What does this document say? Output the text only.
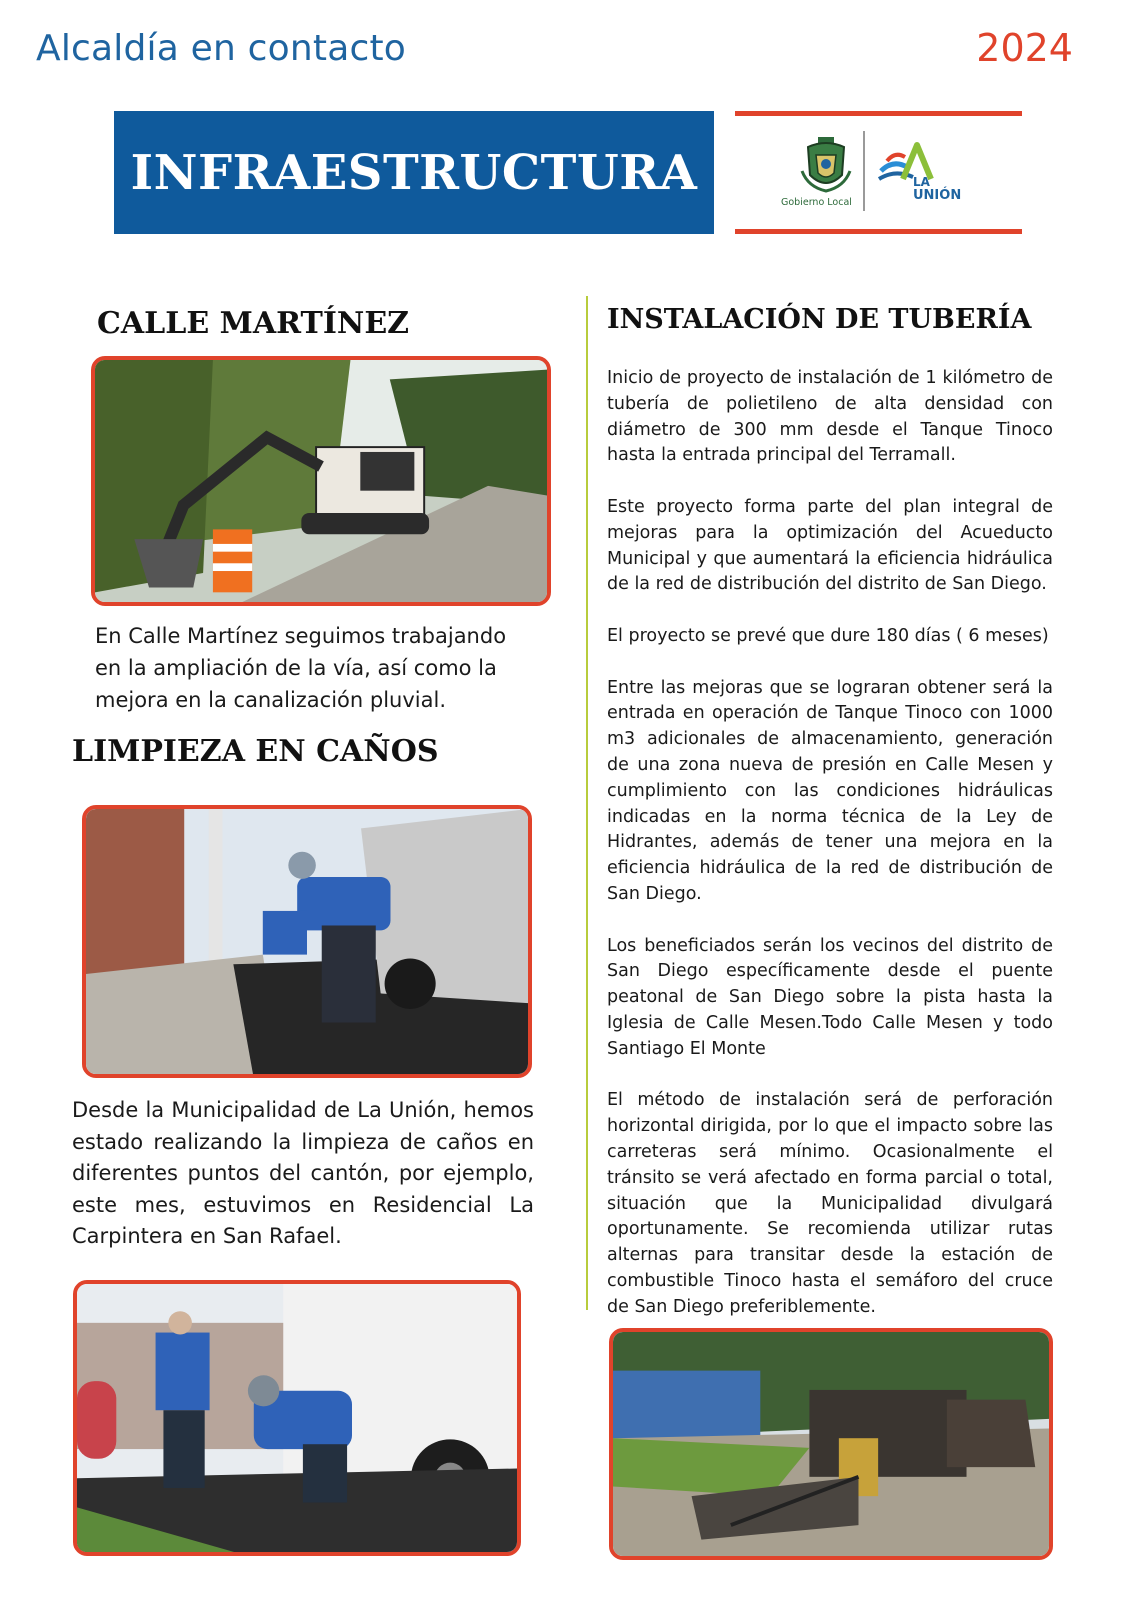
Alcaldía en contacto	2024
INFRAESTRUCTURA
Gobierno Local
LA
UNIÓN
CALLE MARTÍNEZ
En Calle Martínez seguimos trabajando en la ampliación de la vía, así como la mejora en la canalización pluvial.
LIMPIEZA EN CAÑOS
Desde la Municipalidad de La Unión, hemos estado realizando la limpieza de caños en diferentes puntos del cantón, por ejemplo, este mes, estuvimos en Residencial La Carpintera en San Rafael.
INSTALACIÓN DE TUBERÍA

Inicio de proyecto de instalación de 1 kilómetro de tubería de polietileno de alta densidad con diámetro de 300 mm desde el Tanque Tinoco hasta la entrada principal del Terramall.

Este proyecto forma parte del plan integral de mejoras para la optimización del Acueducto Municipal y que aumentará la eficiencia hidráulica de la red de distribución del distrito de San Diego.

El proyecto se prevé que dure 180 días ( 6 meses)

Entre las mejoras que se lograran obtener será la entrada en operación de Tanque Tinoco con 1000 m3 adicionales de almacenamiento, generación de una zona nueva de presión en Calle Mesen y cumplimiento con las condiciones hidráulicas indicadas en la norma técnica de la Ley de Hidrantes, además de tener una mejora en la eficiencia hidráulica de la red de distribución de San Diego.

Los beneficiados serán los vecinos del distrito de San Diego específicamente desde el puente peatonal de San Diego sobre la pista hasta la Iglesia de Calle Mesen.Todo Calle Mesen y todo Santiago El Monte

El método de instalación será de perforación horizontal dirigida, por lo que el impacto sobre las carreteras será mínimo. Ocasionalmente el tránsito se verá afectado en forma parcial o total, situación que la Municipalidad divulgará oportunamente. Se recomienda utilizar rutas alternas para transitar desde la estación de combustible Tinoco hasta el semáforo del cruce de San Diego preferiblemente.
